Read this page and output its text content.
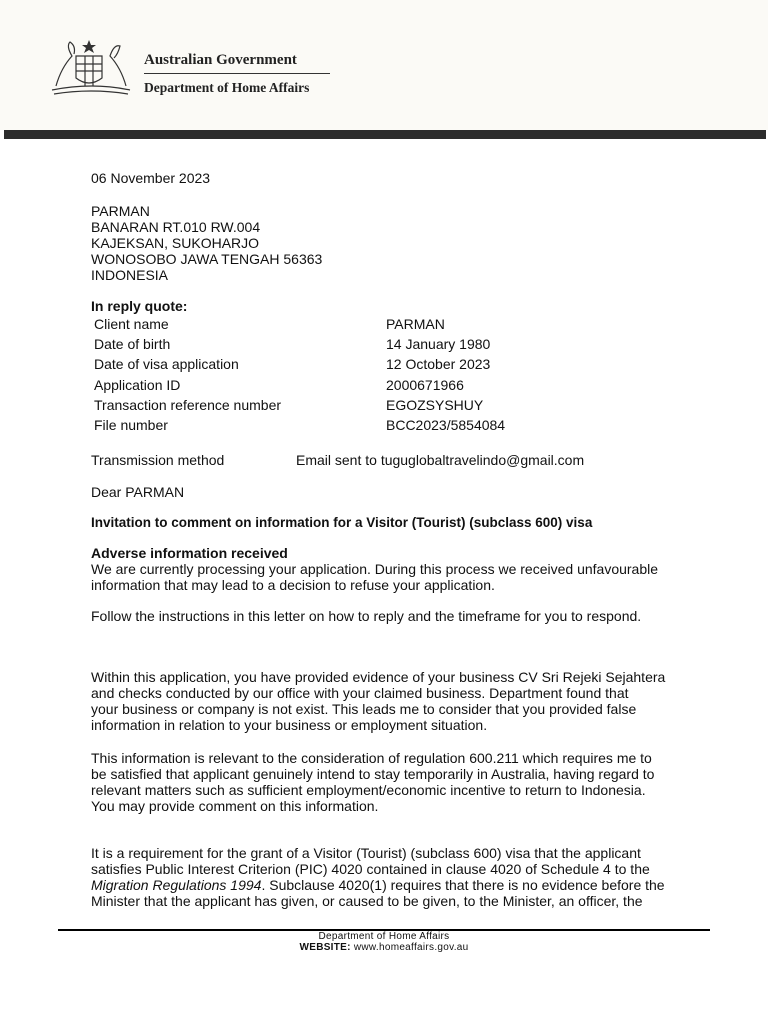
Australian Government
Department of Home Affairs
06 November 2023
PARMAN
BANARAN RT.010 RW.004
KAJEKSAN, SUKOHARJO
WONOSOBO JAWA TENGAH 56363
INDONESIA
In reply quote:
Client name	PARMAN
Date of birth	14 January 1980
Date of visa application	12 October 2023
Application ID	2000671966
Transaction reference number	EGOZSYSHUY
File number	BCC2023/5854084
Transmission method	Email sent to tuguglobaltravelindo@gmail.com
Dear PARMAN
Invitation to comment on information for a Visitor (Tourist) (subclass 600) visa
Adverse information received
We are currently processing your application. During this process we received unfavourable
information that may lead to a decision to refuse your application.
Follow the instructions in this letter on how to reply and the timeframe for you to respond.
Within this application, you have provided evidence of your business CV Sri Rejeki Sejahtera
and checks conducted by our office with your claimed business. Department found that
your business or company is not exist. This leads me to consider that you provided false
information in relation to your business or employment situation.
This information is relevant to the consideration of regulation 600.211 which requires me to
be satisfied that applicant genuinely intend to stay temporarily in Australia, having regard to
relevant matters such as sufficient employment/economic incentive to return to Indonesia.
You may provide comment on this information.
It is a requirement for the grant of a Visitor (Tourist) (subclass 600) visa that the applicant
satisfies Public Interest Criterion (PIC) 4020 contained in clause 4020 of Schedule 4 to the
Migration Regulations 1994. Subclause 4020(1) requires that there is no evidence before the
Minister that the applicant has given, or caused to be given, to the Minister, an officer, the
Department of Home Affairs
WEBSITE: www.homeaffairs.gov.au
